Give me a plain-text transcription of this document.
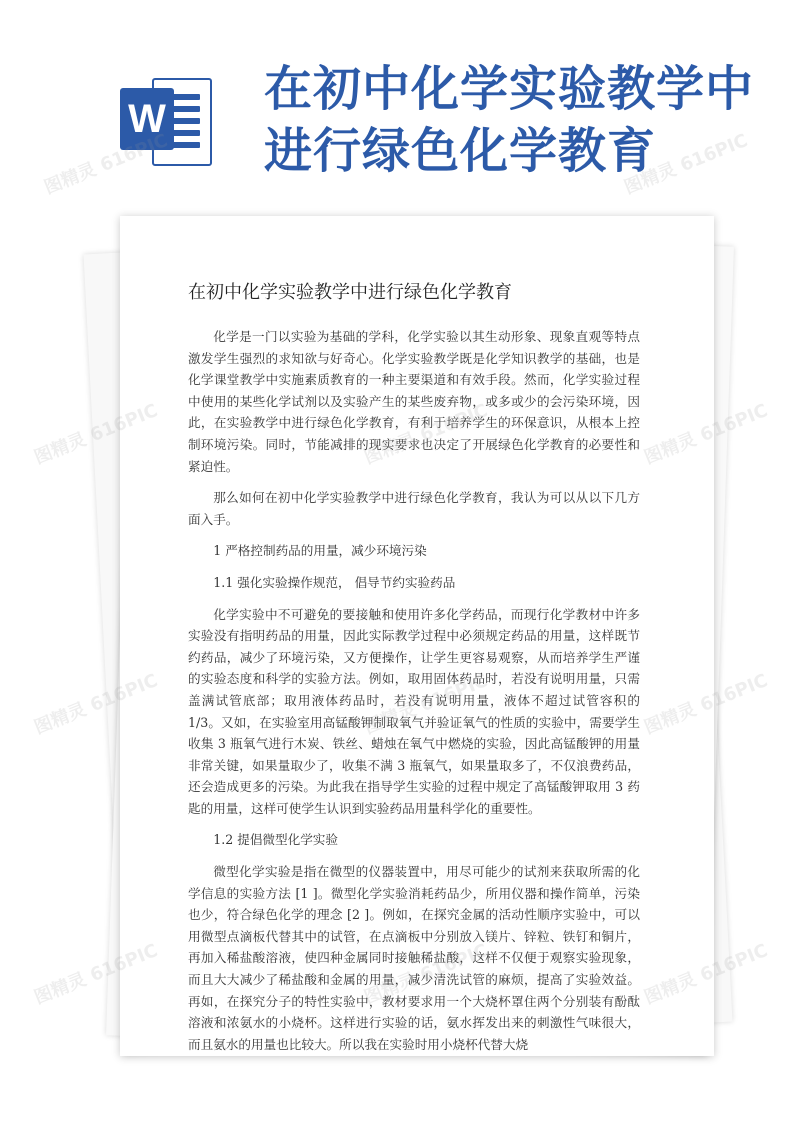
W
在初中化学实验教学中
进行绿色化学教育
在初中化学实验教学中进行绿色化学教育

化学是一门以实验为基础的学科，化学实验以其生动形象、现象直观等特点激发学生强烈的求知欲与好奇心。化学实验教学既是化学知识教学的基础，也是化学课堂教学中实施素质教育的一种主要渠道和有效手段。然而，化学实验过程中使用的某些化学试剂以及实验产生的某些废弃物，或多或少的会污染环境，因此，在实验教学中进行绿色化学教育，有利于培养学生的环保意识，从根本上控制环境污染。同时，节能减排的现实要求也决定了开展绿色化学教育的必要性和紧迫性。

那么如何在初中化学实验教学中进行绿色化学教育，我认为可以从以下几方面入手。

1 严格控制药品的用量，减少环境污染

1.1 强化实验操作规范， 倡导节约实验药品

化学实验中不可避免的要接触和使用许多化学药品，而现行化学教材中许多实验没有指明药品的用量，因此实际教学过程中必须规定药品的用量，这样既节约药品，减少了环境污染，又方便操作，让学生更容易观察，从而培养学生严谨的实验态度和科学的实验方法。例如，取用固体药品时，若没有说明用量，只需盖满试管底部；取用液体药品时，若没有说明用量，液体不超过试管容积的 1/3。又如，在实验室用高锰酸钾制取氧气并验证氧气的性质的实验中，需要学生收集 3 瓶氧气进行木炭、铁丝、蜡烛在氧气中燃烧的实验，因此高锰酸钾的用量非常关键，如果量取少了，收集不满 3 瓶氧气，如果量取多了，不仅浪费药品，还会造成更多的污染。为此我在指导学生实验的过程中规定了高锰酸钾取用 3 药匙的用量，这样可使学生认识到实验药品用量科学化的重要性。

1.2 提倡微型化学实验

微型化学实验是指在微型的仪器装置中，用尽可能少的试剂来获取所需的化学信息的实验方法 [1 ]。微型化学实验消耗药品少，所用仪器和操作简单，污染也少，符合绿色化学的理念 [2 ]。例如，在探究金属的活动性顺序实验中，可以用微型点滴板代替其中的试管，在点滴板中分别放入镁片、锌粒、铁钉和铜片，再加入稀盐酸溶液，使四种金属同时接触稀盐酸，这样不仅便于观察实验现象，而且大大减少了稀盐酸和金属的用量，减少清洗试管的麻烦，提高了实验效益。再如，在探究分子的特性实验中，教材要求用一个大烧杯罩住两个分别装有酚酞溶液和浓氨水的小烧杯。这样进行实验的话，氨水挥发出来的刺激性气味很大，而且氨水的用量也比较大。所以我在实验时用小烧杯代替大烧

图精灵 616PIC	图精灵 616PIC
图精灵
616PIC
图精灵 616PIC	616PIC
图精灵 616PIC	616PIC
